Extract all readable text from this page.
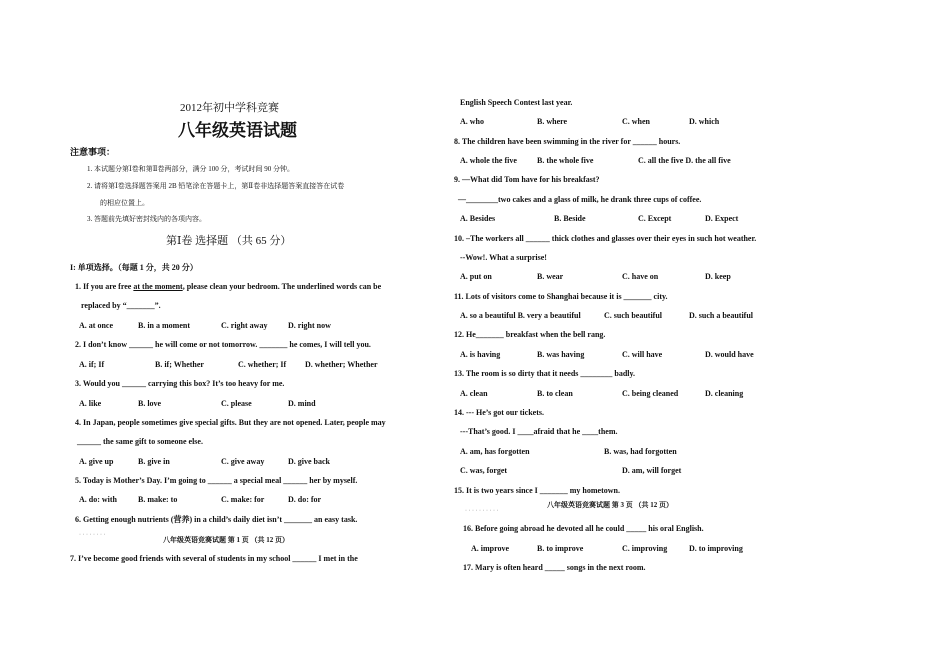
2012年初中学科竞赛
八年级英语试题
注意事项：
1. 本试题分第Ⅰ卷和第Ⅱ卷两部分，满分 100 分，考试时间 90 分钟。
2. 请将第Ⅰ卷选择题答案用 2B 铅笔涂在答题卡上，第Ⅱ卷非选择题答案直接答在试卷
的相应位置上。
3. 答题前先填好密封线内的各项内容。
第Ⅰ卷 选择题 （共 65 分）
I: 单项选择。（每题 1 分，共 20 分）
1. If you are free at the moment, please clean your bedroom. The underlined words can be
replaced by “_______”.
A. at once	B. in a moment	C. right away	D. right now
2. I don’t know ______ he will come or not tomorrow. _______ he comes, I will tell you.
A. if; If	B. if; Whether	C. whether; If D. whether; Whether
3. Would you ______ carrying this box? It’s too heavy for me.
A. like	B. love	C. please	D. mind
4. In Japan, people sometimes give special gifts. But they are not opened. Later, people may
______ the same gift to someone else.
A. give up	B. give in	C. give away	D. give back
5. Today is Mother’s Day. I’m going to ______ a special meal ______ her by myself.
A. do: with	B. make: to	C. make: for	D. do: for
6. Getting enough nutrients (营养) in a child’s daily diet isn’t _______ an easy task.
· · · · · · · ·
八年级英语竞赛试题 第 1 页 （共 12 页）
7. I’ve become good friends with several of students in my school ______ I met in the
English Speech Contest last year.
A. who	B. where	C. when	D. which
8. The children have been swimming in the river for ______ hours.
A. whole the five	B. the whole five	C. all the five D. the all five
9. —What did Tom have for his breakfast?
—________two cakes and a glass of milk, he drank three cups of coffee.
A. Besides	B. Beside	C. Except	D. Expect
10. –The workers all ______ thick clothes and glasses over their eyes in such hot weather.
--Wow!. What a surprise!
A. put on	B. wear	C. have on	D. keep
11. Lots of visitors come to Shanghai because it is _______ city.
A. so a beautiful B. very a beautiful	C. such beautiful	D. such a beautiful
12. He_______ breakfast when the bell rang.
A. is having	B. was having	C. will have	D. would have
13. The room is so dirty that it needs ________ badly.
A. clean	B. to clean	C. being cleaned	D. cleaning
14. --- He’s got our tickets.
---That’s good. I ____afraid that he ____them.
A. am, has forgotten	B. was, had forgotten
C. was, forget	D. am, will forget
15. It is two years since I _______ my hometown.
八年级英语竞赛试题 第 3 页 （共 12 页）
· · · · · · · · · ·
16. Before going abroad he devoted all he could _____ his oral English.
A. improve	B. to improve	C. improving	D. to improving
17. Mary is often heard _____ songs in the next room.
